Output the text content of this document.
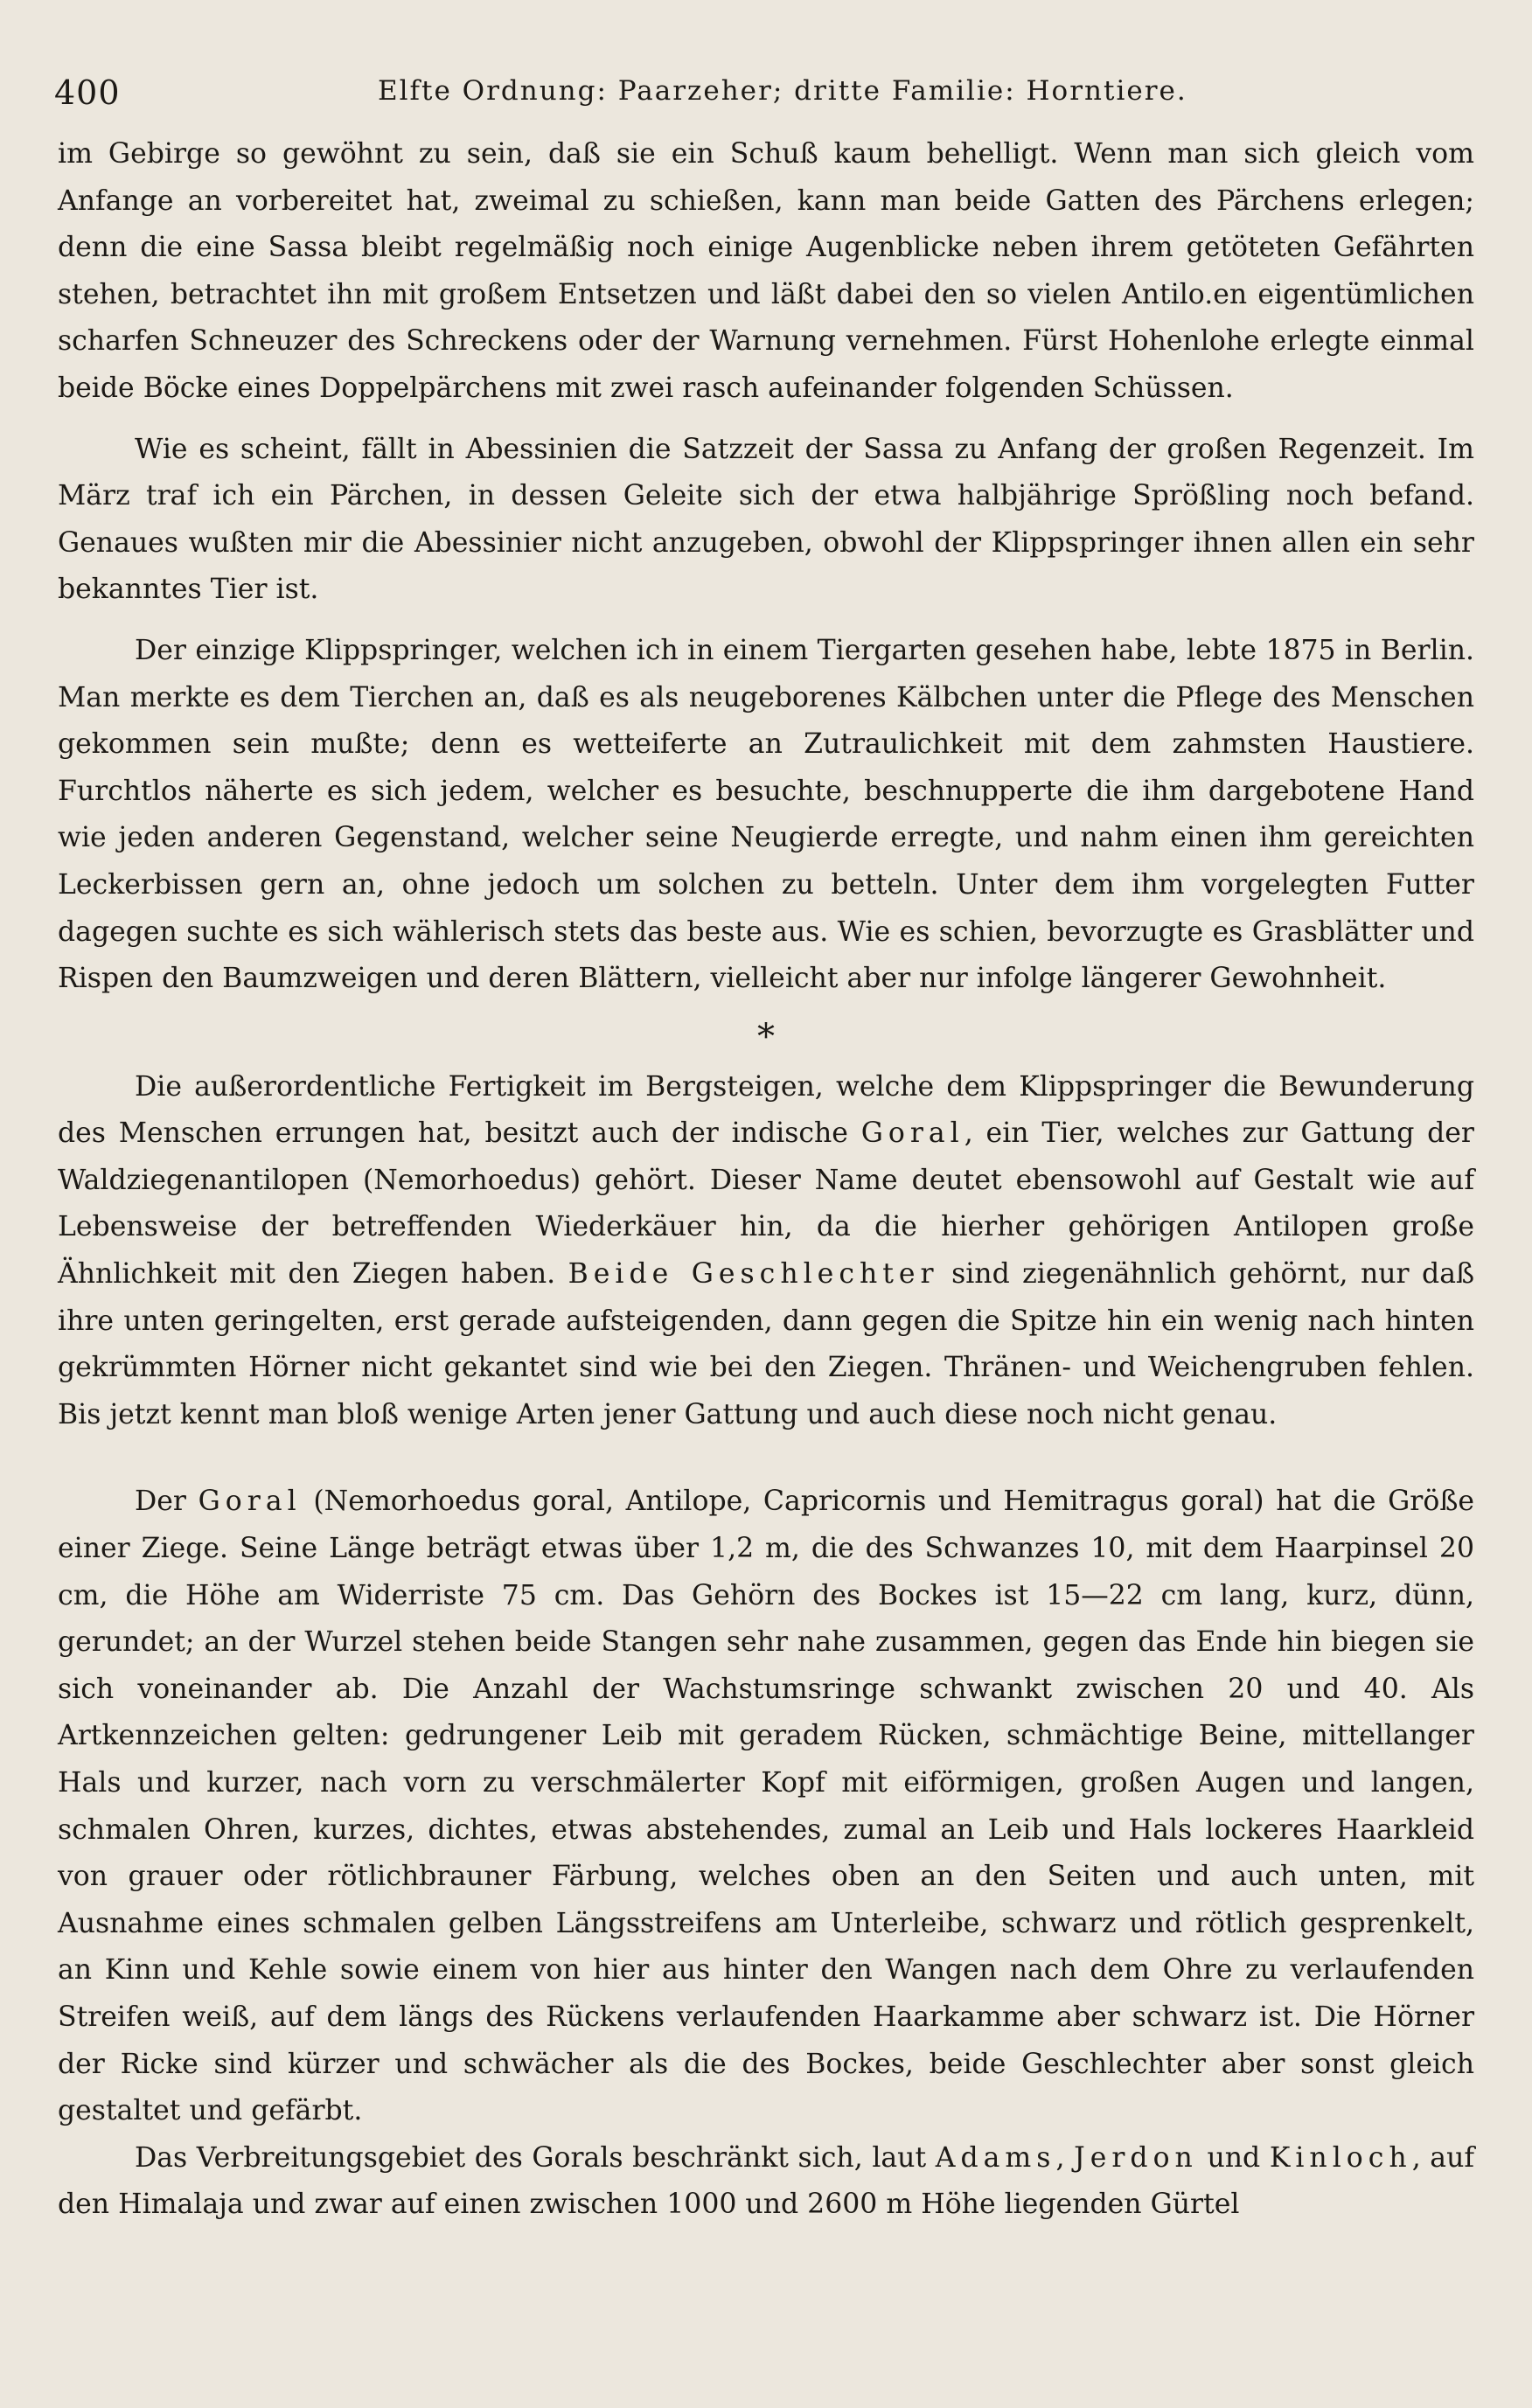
400	Elfte Ordnung: Paarzeher; dritte Familie: Horntiere.

im Gebirge so gewöhnt zu sein, daß sie ein Schuß kaum behelligt. Wenn man sich gleich vom Anfange an vorbereitet hat, zweimal zu schießen, kann man beide Gatten des Pärchens erlegen; denn die eine Sassa bleibt regelmäßig noch einige Augenblicke neben ihrem getöteten Gefährten stehen, betrachtet ihn mit großem Entsetzen und läßt dabei den so vielen Antilo.en eigentümlichen scharfen Schneuzer des Schreckens oder der Warnung vernehmen. Fürst Hohenlohe erlegte einmal beide Böcke eines Doppelpärchens mit zwei rasch aufeinander folgenden Schüssen.

Wie es scheint, fällt in Abessinien die Satzzeit der Sassa zu Anfang der großen Regenzeit. Im März traf ich ein Pärchen, in dessen Geleite sich der etwa halbjährige Sprößling noch befand. Genaues wußten mir die Abessinier nicht anzugeben, obwohl der Klippspringer ihnen allen ein sehr bekanntes Tier ist.

Der einzige Klippspringer, welchen ich in einem Tiergarten gesehen habe, lebte 1875 in Berlin. Man merkte es dem Tierchen an, daß es als neugeborenes Kälbchen unter die Pflege des Menschen gekommen sein mußte; denn es wetteiferte an Zutraulichkeit mit dem zahmsten Haustiere. Furchtlos näherte es sich jedem, welcher es besuchte, beschnupperte die ihm dargebotene Hand wie jeden anderen Gegenstand, welcher seine Neugierde erregte, und nahm einen ihm gereichten Leckerbissen gern an, ohne jedoch um solchen zu betteln. Unter dem ihm vorgelegten Futter dagegen suchte es sich wählerisch stets das beste aus. Wie es schien, bevorzugte es Grasblätter und Rispen den Baumzweigen und deren Blättern, vielleicht aber nur infolge längerer Gewohnheit.

*

Die außerordentliche Fertigkeit im Bergsteigen, welche dem Klippspringer die Bewunderung des Menschen errungen hat, besitzt auch der indische Goral, ein Tier, welches zur Gattung der Waldziegenantilopen (Nemorhoedus) gehört. Dieser Name deutet ebensowohl auf Gestalt wie auf Lebensweise der betreffenden Wiederkäuer hin, da die hierher gehörigen Antilopen große Ähnlichkeit mit den Ziegen haben. Beide Geschlechter sind ziegenähnlich gehörnt, nur daß ihre unten geringelten, erst gerade aufsteigenden, dann gegen die Spitze hin ein wenig nach hinten gekrümmten Hörner nicht gekantet sind wie bei den Ziegen. Thränen- und Weichengruben fehlen. Bis jetzt kennt man bloß wenige Arten jener Gattung und auch diese noch nicht genau.

Der Goral (Nemorhoedus goral, Antilope, Capricornis und Hemitragus goral) hat die Größe einer Ziege. Seine Länge beträgt etwas über 1,2 m, die des Schwanzes 10, mit dem Haarpinsel 20 cm, die Höhe am Widerriste 75 cm. Das Gehörn des Bockes ist 15—22 cm lang, kurz, dünn, gerundet; an der Wurzel stehen beide Stangen sehr nahe zusammen, gegen das Ende hin biegen sie sich voneinander ab. Die Anzahl der Wachstumsringe schwankt zwischen 20 und 40. Als Artkennzeichen gelten: gedrungener Leib mit geradem Rücken, schmächtige Beine, mittellanger Hals und kurzer, nach vorn zu verschmälerter Kopf mit eiförmigen, großen Augen und langen, schmalen Ohren, kurzes, dichtes, etwas abstehendes, zumal an Leib und Hals lockeres Haarkleid von grauer oder rötlichbrauner Färbung, welches oben an den Seiten und auch unten, mit Ausnahme eines schmalen gelben Längsstreifens am Unterleibe, schwarz und rötlich gesprenkelt, an Kinn und Kehle sowie einem von hier aus hinter den Wangen nach dem Ohre zu verlaufenden Streifen weiß, auf dem längs des Rückens verlaufenden Haarkamme aber schwarz ist. Die Hörner der Ricke sind kürzer und schwächer als die des Bockes, beide Geschlechter aber sonst gleich gestaltet und gefärbt.

Das Verbreitungsgebiet des Gorals beschränkt sich, laut Adams, Jerdon und Kinloch, auf den Himalaja und zwar auf einen zwischen 1000 und 2600 m Höhe liegenden Gürtel
